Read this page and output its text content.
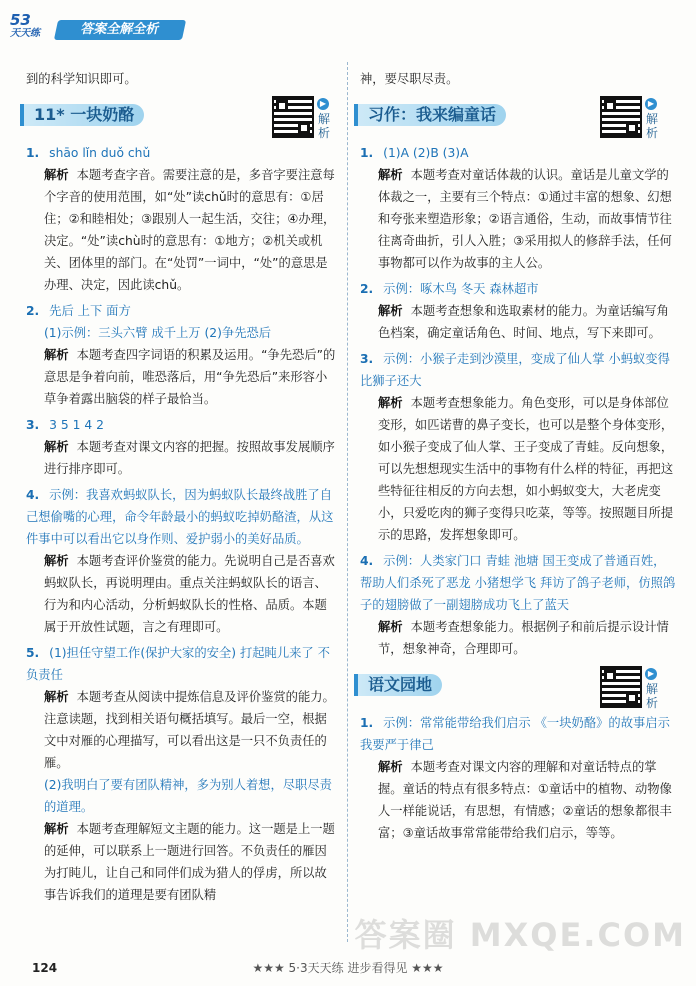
53
天天练	答案全解全析
到的科学知识即可。
11* 一块奶酪
▶
解析
1. shāo lǐn duǒ chǔ
解析 本题考查字音。需要注意的是，多音字要注意每个字音的使用范围，如“处”读chǔ时的意思有：①居住；②和睦相处；③跟别人一起生活，交往；④办理，决定。“处”读chù时的意思有：①地方；②机关或机关、团体里的部门。在“处罚”一词中，“处”的意思是办理、决定，因此读chǔ。
2. 先后 上下 面方
(1)示例：三头六臂 成千上万 (2)争先恐后
解析 本题考查四字词语的积累及运用。“争先恐后”的意思是争着向前，唯恐落后，用“争先恐后”来形容小草争着露出脑袋的样子最恰当。
3. 3 5 1 4 2
解析 本题考查对课文内容的把握。按照故事发展顺序进行排序即可。
4. 示例：我喜欢蚂蚁队长，因为蚂蚁队长最终战胜了自己想偷嘴的心理，命令年龄最小的蚂蚁吃掉奶酪渣，从这件事中可以看出它以身作则、爱护弱小的美好品质。
解析 本题考查评价鉴赏的能力。先说明自己是否喜欢蚂蚁队长，再说明理由。重点关注蚂蚁队长的语言、行为和内心活动，分析蚂蚁队长的性格、品质。本题属于开放性试题，言之有理即可。
5. (1)担任守望工作(保护大家的安全) 打起盹儿来了 不负责任
解析 本题考查从阅读中提炼信息及评价鉴赏的能力。注意读题，找到相关语句概括填写。最后一空，根据文中对雁的心理描写，可以看出这是一只不负责任的雁。
(2)我明白了要有团队精神，多为别人着想，尽职尽责的道理。
解析 本题考查理解短文主题的能力。这一题是上一题的延伸，可以联系上一题进行回答。不负责任的雁因为打盹儿，让自己和同伴们成为猎人的俘虏，所以故事告诉我们的道理是要有团队精
神，要尽职尽责。
习作：我来编童话
▶
解析
1. (1)A (2)B (3)A
解析 本题考查对童话体裁的认识。童话是儿童文学的体裁之一，主要有三个特点：①通过丰富的想象、幻想和夸张来塑造形象；②语言通俗，生动，而故事情节往往离奇曲折，引人入胜；③采用拟人的修辞手法，任何事物都可以作为故事的主人公。
2. 示例：啄木鸟 冬天 森林超市
解析 本题考查想象和选取素材的能力。为童话编写角色档案，确定童话角色、时间、地点，写下来即可。
3. 示例：小猴子走到沙漠里，变成了仙人掌 小蚂蚁变得比狮子还大
解析 本题考查想象能力。角色变形，可以是身体部位变形，如匹诺曹的鼻子变长，也可以是整个身体变形，如小猴子变成了仙人掌、王子变成了青蛙。反向想象，可以先想想现实生活中的事物有什么样的特征，再把这些特征往相反的方向去想，如小蚂蚁变大，大老虎变小，只爱吃肉的狮子变得只吃菜，等等。按照题目所提示的思路，发挥想象即可。
4. 示例：人类家门口 青蛙 池塘 国王变成了普通百姓，帮助人们杀死了恶龙 小猪想学飞 拜访了鸽子老师，仿照鸽子的翅膀做了一副翅膀成功飞上了蓝天
解析 本题考查想象能力。根据例子和前后提示设计情节，想象神奇，合理即可。
语文园地
▶
解析
1. 示例：常常能带给我们启示 《一块奶酪》的故事启示我要严于律己
解析 本题考查对课文内容的理解和对童话特点的掌握。童话的特点有很多特点：①童话中的植物、动物像人一样能说话，有思想，有情感；②童话的想象都很丰富；③童话故事常常能带给我们启示，等等。
答案圈 MXQE.COM
124	★★★ 5·3天天练 进步看得见 ★★★
